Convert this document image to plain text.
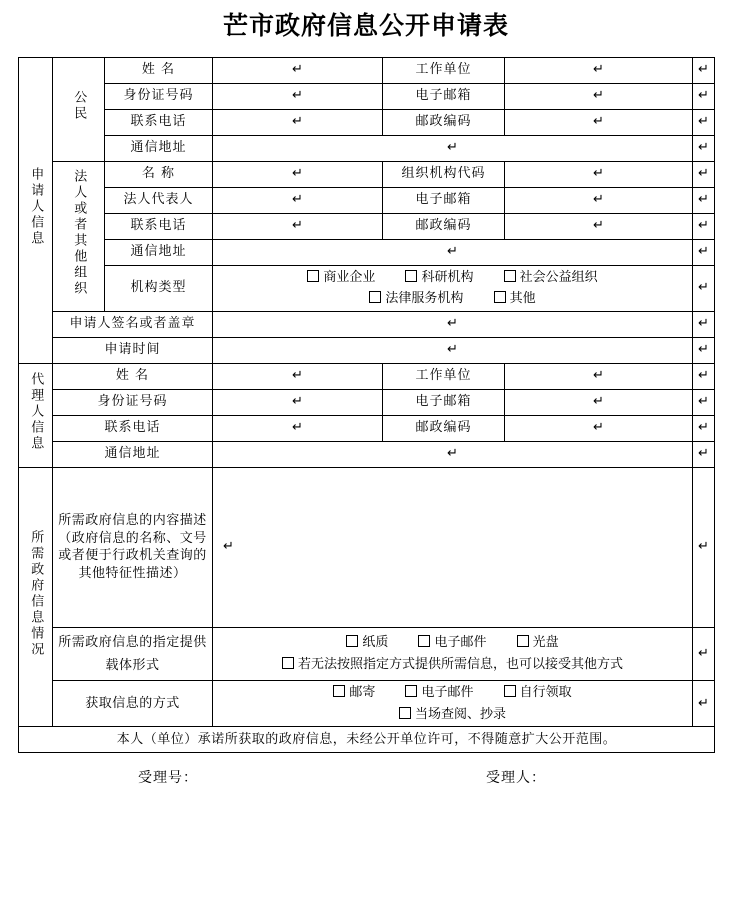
芒市政府信息公开申请表
申请人信息	公民	姓 名	↵	工作单位	↵	↵
		身份证号码	↵	电子邮箱	↵	↵
		联系电话	↵	邮政编码	↵	↵
		通信地址	↵			↵
	法人或者其他组织	名 称	↵	组织机构代码	↵	↵
		法人代表人	↵	电子邮箱	↵	↵
		联系电话	↵	邮政编码	↵	↵
		通信地址	↵			↵
		机构类型	商业企业 科研机构 社会公益组织
法律服务机构 其他			↵
	申请人签名或者盖章		↵			↵
	申请时间		↵			↵
代理人信息	姓 名		↵	工作单位	↵	↵
	身份证号码		↵	电子邮箱	↵	↵
	联系电话		↵	邮政编码	↵	↵
	通信地址		↵			↵
所需政府信息情况	所需政府信息的内容描述（政府信息的名称、文号或者便于行政机关查询的其他特征性描述）		↵			↵
	所需政府信息的指定提供载体形式		纸质 电子邮件 光盘
若无法按照指定方式提供所需信息，也可以接受其他方式			↵
	获取信息的方式		邮寄 电子邮件 自行领取
当场查阅、抄录			↵
本人（单位）承诺所获取的政府信息，未经公开单位许可，不得随意扩大公开范围。						
受理号：	受理人：
